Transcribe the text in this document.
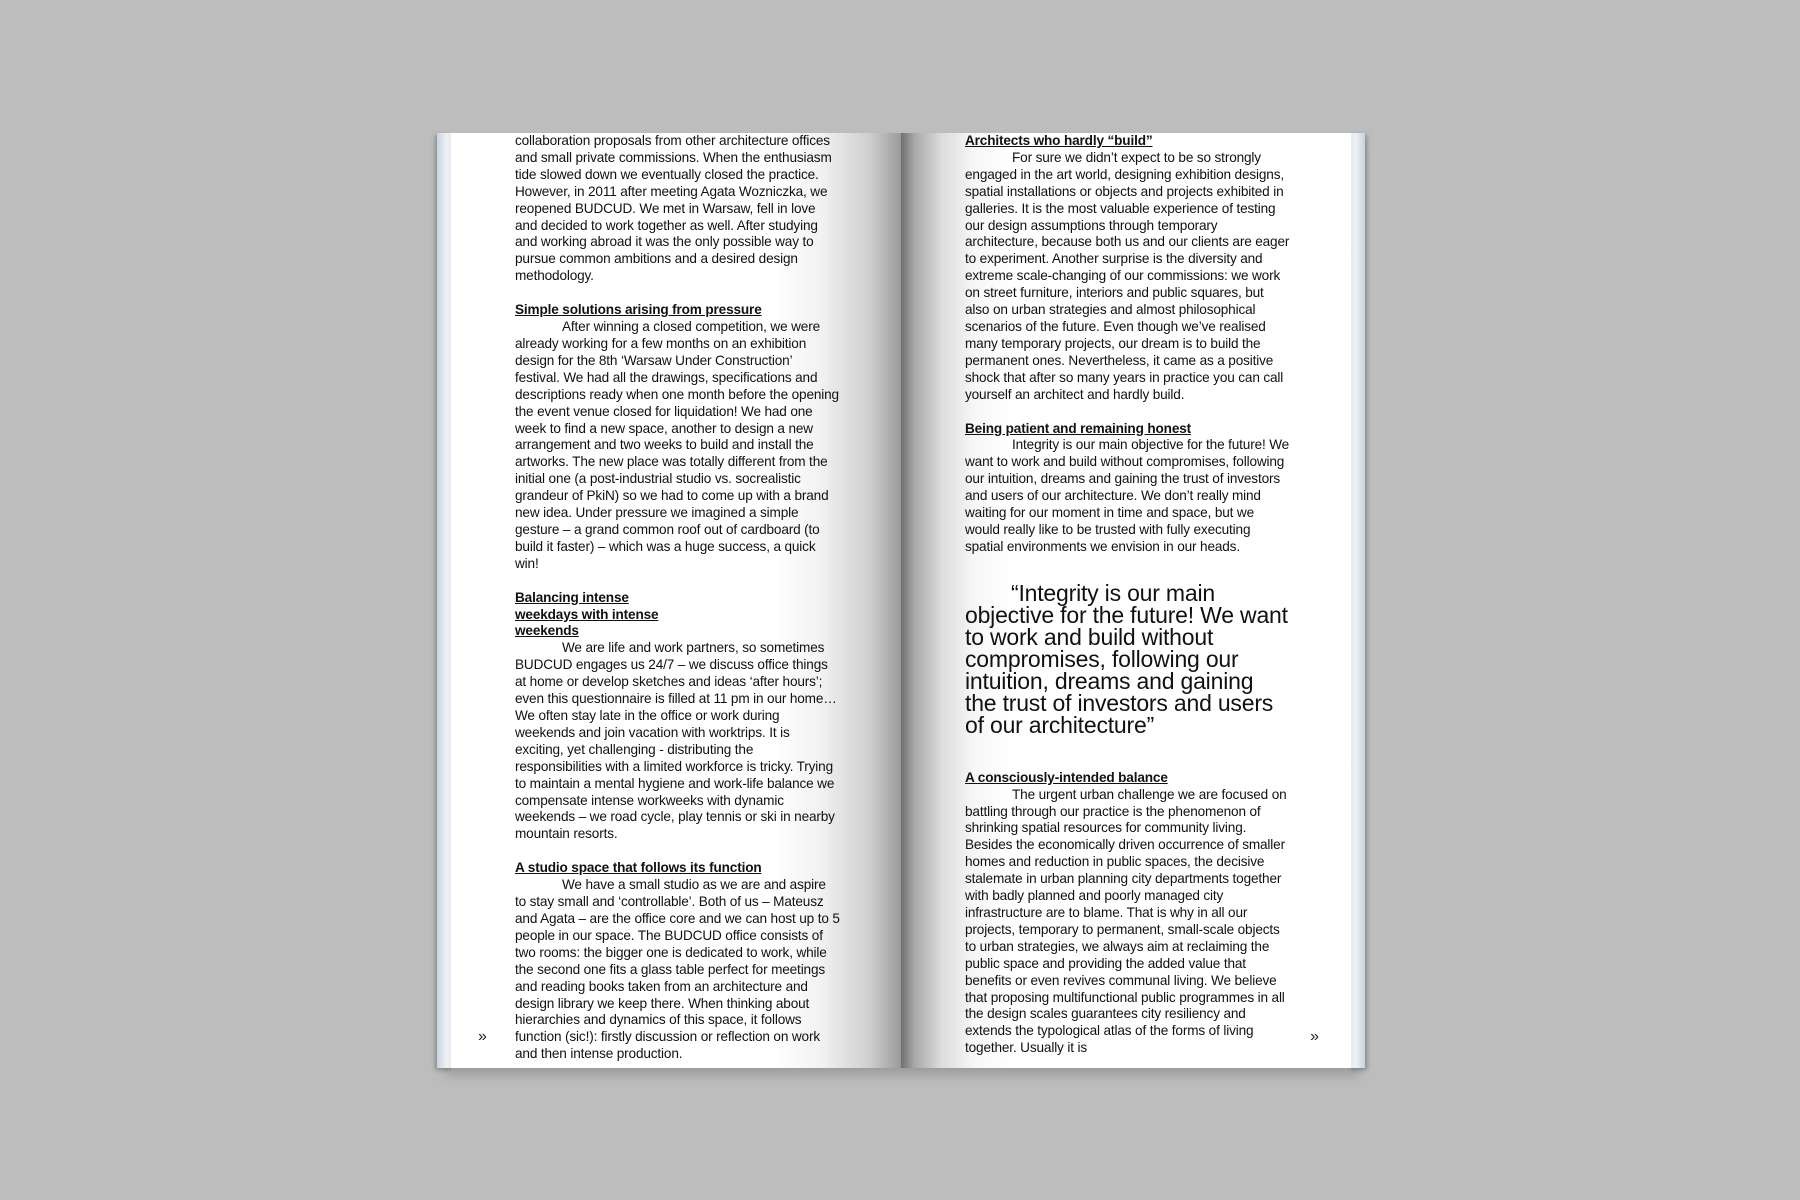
collaboration proposals from other architecture offices and small private commissions. When the enthusiasm tide slowed down we eventually closed the practice. However, in 2011 after meeting Agata Wozniczka, we reopened BUDCUD. We met in Warsaw, fell in love and decided to work together as well. After studying and working abroad it was the only possible way to pursue common ambitions and a desired design methodology.

Simple solutions arising from pressure

After winning a closed competition, we were already working for a few months on an exhibition design for the 8th ‘Warsaw Under Construction’ festival. We had all the drawings, specifications and descriptions ready when one month before the opening the event venue closed for liquidation! We had one week to find a new space, another to design a new arrangement and two weeks to build and install the artworks. The new place was totally different from the initial one (a post-industrial studio vs. socrealistic grandeur of PkiN) so we had to come up with a brand new idea. Under pressure we imagined a simple gesture – a grand common roof out of cardboard (to build it faster) – which was a huge success, a quick win!

Balancing intense weekdays with intense weekends

We are life and work partners, so sometimes BUDCUD engages us 24/7 – we discuss office things at home or develop sketches and ideas ‘after hours’; even this questionnaire is filled at 11 pm in our home… We often stay late in the office or work during weekends and join vacation with worktrips. It is exciting, yet challenging - distributing the responsibilities with a limited workforce is tricky. Trying to maintain a mental hygiene and work-life balance we compensate intense workweeks with dynamic weekends – we road cycle, play tennis or ski in nearby mountain resorts.

A studio space that follows its function

We have a small studio as we are and aspire to stay small and ‘controllable’. Both of us – Mateusz and Agata – are the office core and we can host up to 5 people in our space. The BUDCUD office consists of two rooms: the bigger one is dedicated to work, while the second one fits a glass table perfect for meetings and reading books taken from an architecture and design library we keep there. When thinking about hierarchies and dynamics of this space, it follows function (sic!): firstly discussion or reflection on work and then intense production.

»
Architects who hardly “build”

For sure we didn’t expect to be so strongly engaged in the art world, designing exhibition designs, spatial installations or objects and projects exhibited in galleries. It is the most valuable experience of testing our design assumptions through temporary architecture, because both us and our clients are eager to experiment. Another surprise is the diversity and extreme scale-changing of our commissions: we work on street furniture, interiors and public squares, but also on urban strategies and almost philosophical scenarios of the future. Even though we’ve realised many temporary projects, our dream is to build the permanent ones. Nevertheless, it came as a positive shock that after so many years in practice you can call yourself an architect and hardly build.

Being patient and remaining honest

Integrity is our main objective for the future! We want to work and build without compromises, following our intuition, dreams and gaining the trust of investors and users of our architecture. We don’t really mind waiting for our moment in time and space, but we would really like to be trusted with fully executing spatial environments we envision in our heads.

“Integrity is our main objective for the future! We want to work and build without compromises, following our intuition, dreams and gaining the trust of investors and users of our architecture”

A consciously-intended balance

The urgent urban challenge we are focused on battling through our practice is the phenomenon of shrinking spatial resources for community living. Besides the economically driven occurrence of smaller homes and reduction in public spaces, the decisive stalemate in urban planning city departments together with badly planned and poorly managed city infrastructure are to blame. That is why in all our projects, temporary to permanent, small-scale objects to urban strategies, we always aim at reclaiming the public space and providing the added value that benefits or even revives communal living. We believe that proposing multifunctional public programmes in all the design scales guarantees city resiliency and extends the typological atlas of the forms of living together. Usually it is

»
